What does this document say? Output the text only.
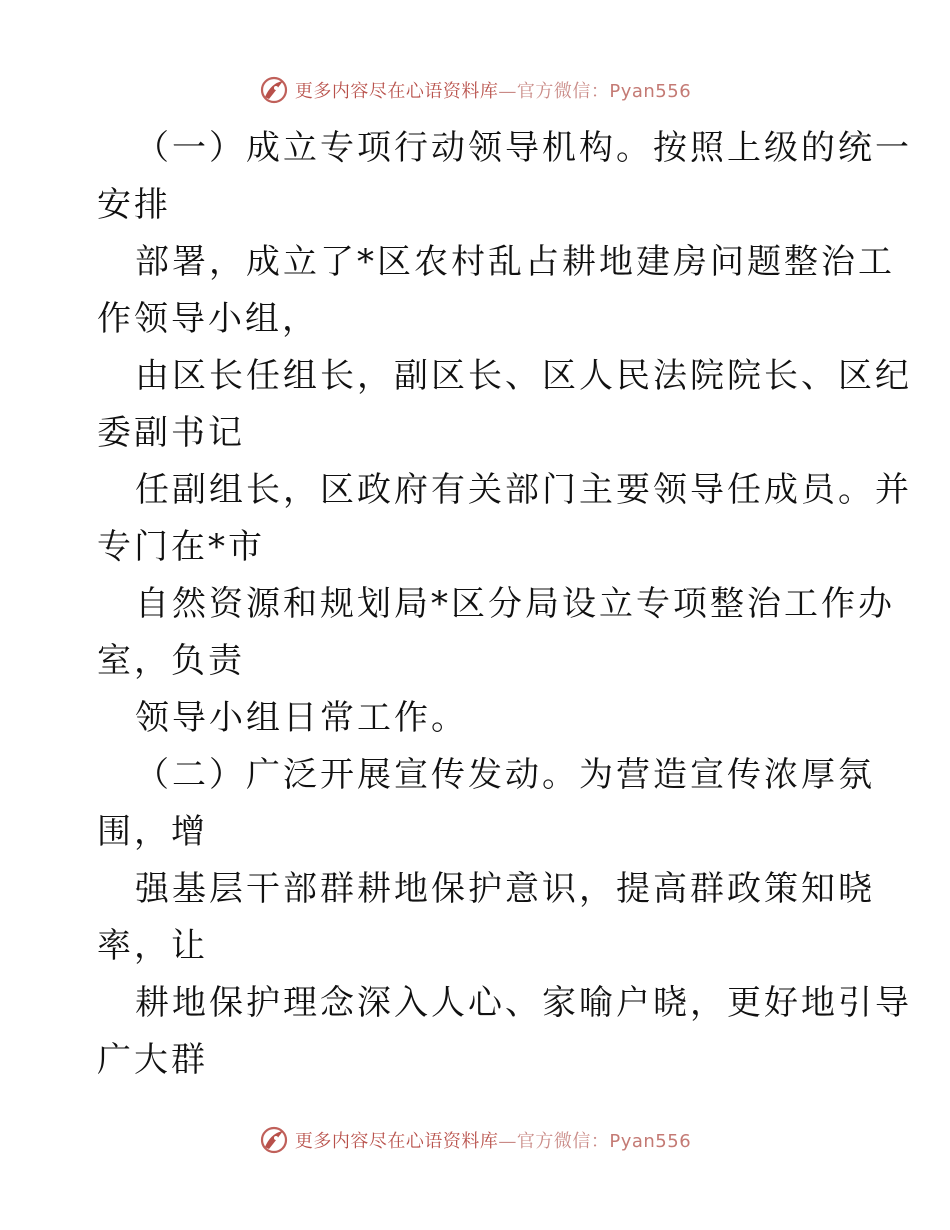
更多内容尽在心语资料库—官方微信：Pyan556
（一）成立专项行动领导机构。按照上级的统一
安排
部署，成立了*区农村乱占耕地建房问题整治工
作领导小组，
由区长任组长，副区长、区人民法院院长、区纪
委副书记
任副组长，区政府有关部门主要领导任成员。并
专门在*市
自然资源和规划局*区分局设立专项整治工作办
室，负责
领导小组日常工作。
（二）广泛开展宣传发动。为营造宣传浓厚氛
围，增
强基层干部群耕地保护意识，提高群政策知晓
率，让
耕地保护理念深入人心、家喻户晓，更好地引导
广大群
更多内容尽在心语资料库—官方微信：Pyan556
